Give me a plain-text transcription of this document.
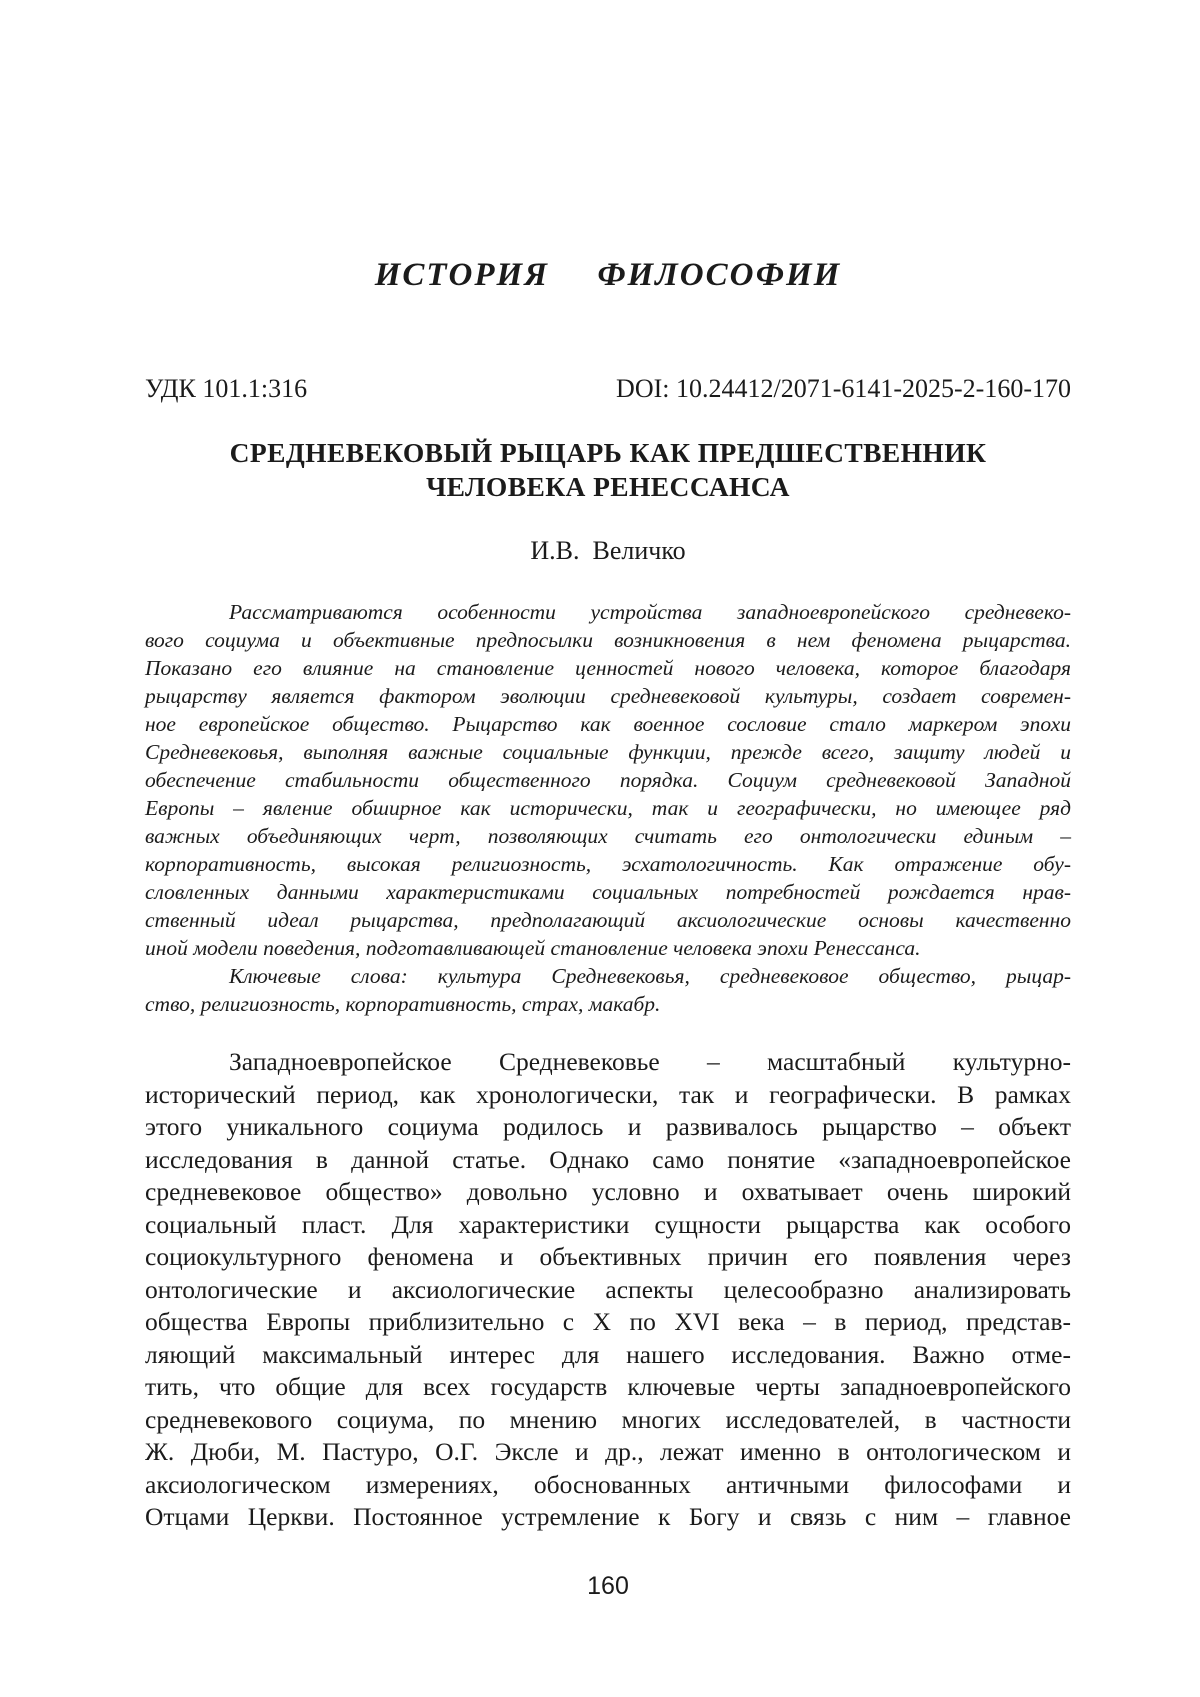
ИСТОРИЯ  ФИЛОСОФИИ
УДК 101.1:316	DOI: 10.24412/2071-6141-2025-2-160-170
СРЕДНЕВЕКОВЫЙ РЫЦАРЬ КАК ПРЕДШЕСТВЕННИК
ЧЕЛОВЕКА РЕНЕССАНСА
И.В.  Величко
Рассматриваются особенности устройства западноевропейского средневеко-
вого социума и объективные предпосылки возникновения в нем феномена рыцарства.
Показано его влияние на становление ценностей нового человека, которое благодаря
рыцарству является фактором эволюции средневековой культуры, создает современ-
ное европейское общество. Рыцарство как военное сословие стало маркером эпохи
Средневековья, выполняя важные социальные функции, прежде всего, защиту людей и
обеспечение стабильности общественного порядка. Социум средневековой Западной
Европы – явление обширное как исторически, так и географически, но имеющее ряд
важных объединяющих черт, позволяющих считать его онтологически единым –
корпоративность, высокая религиозность, эсхатологичность. Как отражение обу-
словленных данными характеристиками социальных потребностей рождается нрав-
ственный идеал рыцарства, предполагающий аксиологические основы качественно
иной модели поведения, подготавливающей становление человека эпохи Ренессанса.
Ключевые слова: культура Средневековья, средневековое общество, рыцар-
ство, религиозность, корпоративность, страх, макабр.
Западноевропейское Средневековье – масштабный культурно-
исторический период, как хронологически, так и географически. В рамках
этого уникального социума родилось и развивалось рыцарство – объект
исследования в данной статье. Однако само понятие «западноевропейское
средневековое общество» довольно условно и охватывает очень широкий
социальный пласт. Для характеристики сущности рыцарства как особого
социокультурного феномена и объективных причин его появления через
онтологические и аксиологические аспекты целесообразно анализировать
общества Европы приблизительно с X по XVI века – в период, представ-
ляющий максимальный интерес для нашего исследования. Важно отме-
тить, что общие для всех государств ключевые черты западноевропейского
средневекового социума, по мнению многих исследователей, в частности
Ж. Дюби, М. Пастуро, О.Г. Эксле и др., лежат именно в онтологическом и
аксиологическом измерениях, обоснованных античными философами и
Отцами Церкви. Постоянное устремление к Богу и связь с ним – главное
160
